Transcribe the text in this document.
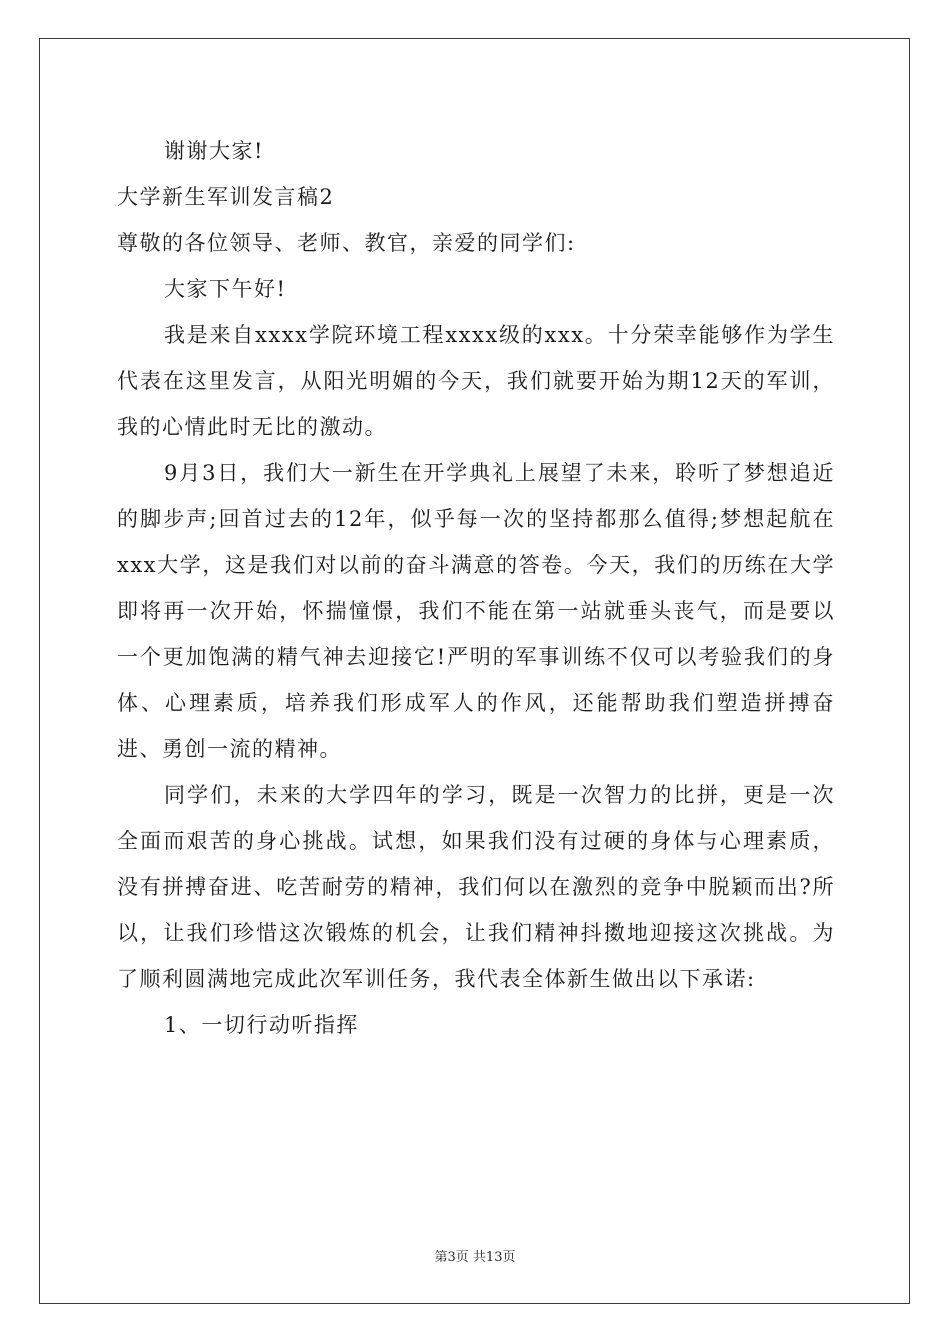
谢谢大家!

大学新生军训发言稿2

尊敬的各位领导、老师、教官，亲爱的同学们:

大家下午好!

我是来自xxxx学院环境工程xxxx级的xxx。十分荣幸能够作为学生代表在这里发言，从阳光明媚的今天，我们就要开始为期12天的军训，我的心情此时无比的激动。

9月3日，我们大一新生在开学典礼上展望了未来，聆听了梦想追近的脚步声;回首过去的12年，似乎每一次的坚持都那么值得;梦想起航在xxx大学，这是我们对以前的奋斗满意的答卷。今天，我们的历练在大学即将再一次开始，怀揣憧憬，我们不能在第一站就垂头丧气，而是要以一个更加饱满的精气神去迎接它!严明的军事训练不仅可以考验我们的身体、心理素质，培养我们形成军人的作风，还能帮助我们塑造拼搏奋进、勇创一流的精神。

同学们，未来的大学四年的学习，既是一次智力的比拼，更是一次全面而艰苦的身心挑战。试想，如果我们没有过硬的身体与心理素质，没有拼搏奋进、吃苦耐劳的精神，我们何以在激烈的竞争中脱颖而出?所以，让我们珍惜这次锻炼的机会，让我们精神抖擞地迎接这次挑战。为了顺利圆满地完成此次军训任务，我代表全体新生做出以下承诺:

1、一切行动听指挥

第3页 共13页
